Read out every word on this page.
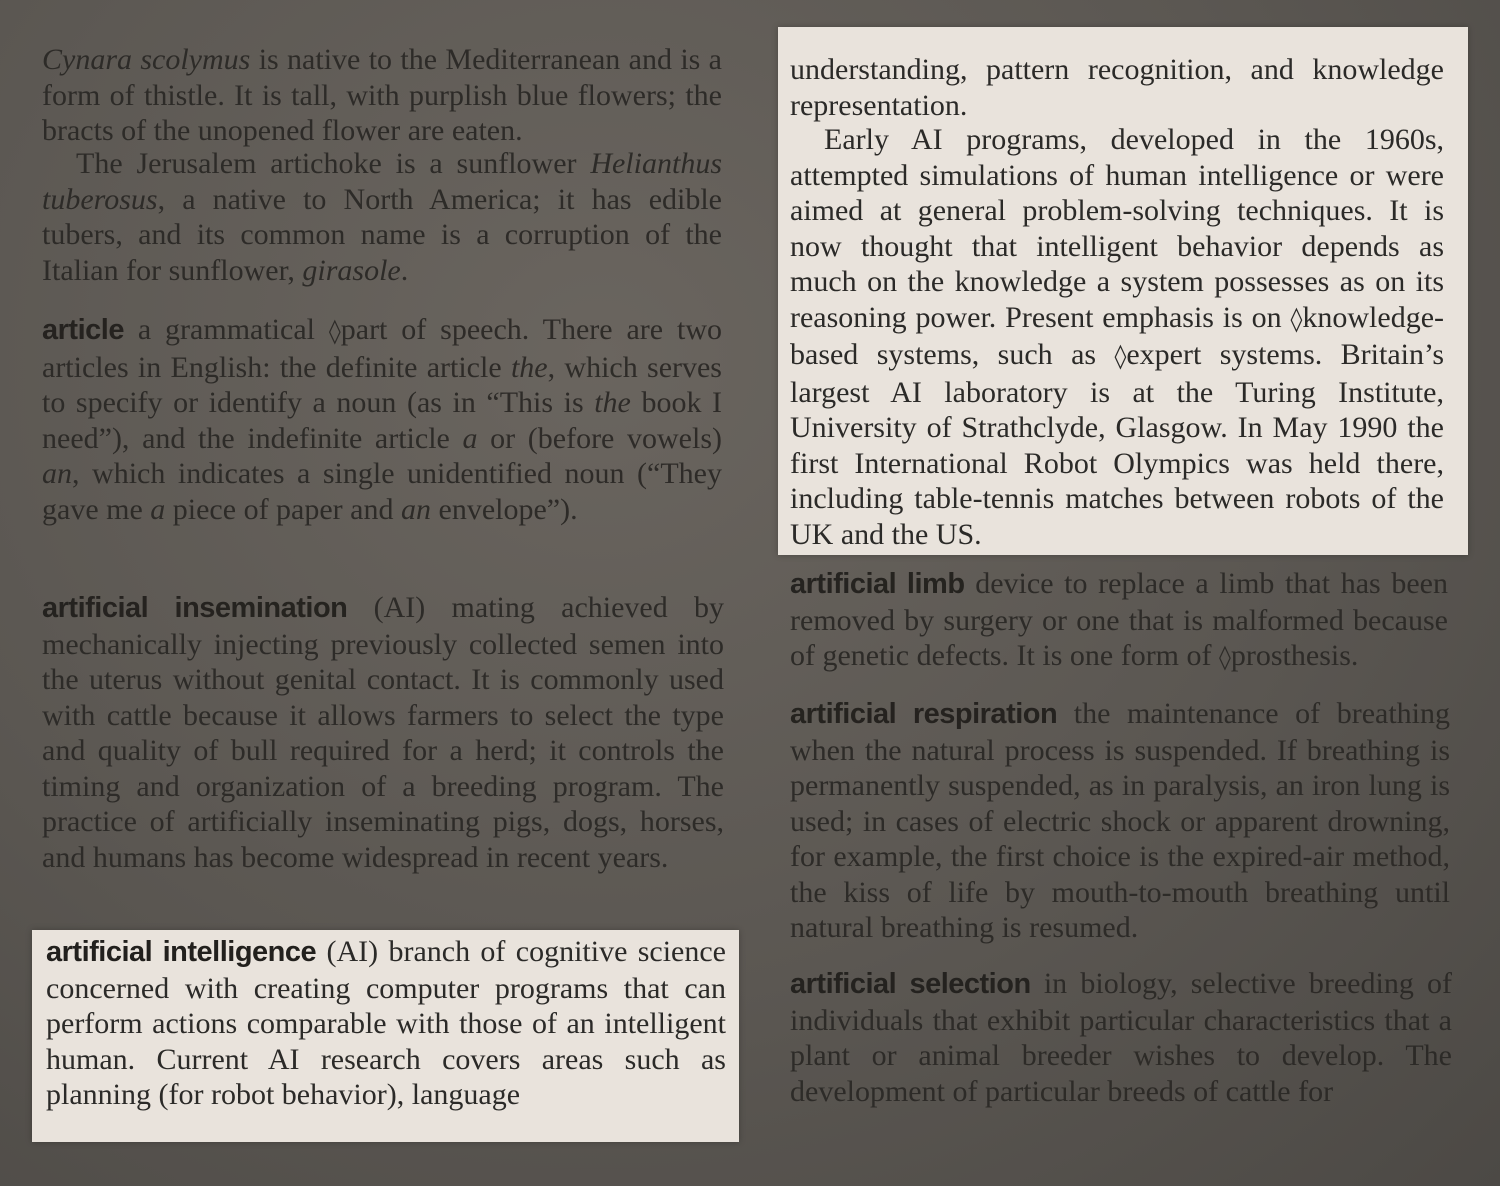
Cynara scolymus is native to the Mediterranean and is a form of thistle. It is tall, with purplish blue flowers; the bracts of the unopened flower are eaten.

The Jerusalem artichoke is a sunflower Helianthus tuberosus, a native to North America; it has edible tubers, and its common name is a corruption of the Italian for sunflower, girasole.

article a grammatical ◊part of speech. There are two articles in English: the definite article the, which serves to specify or identify a noun (as in “This is the book I need”), and the indefinite article a or (before vowels) an, which indicates a single unidentified noun (“They gave me a piece of paper and an envelope”).

artificial insemination (AI) mating achieved by mechanically injecting previously collected semen into the uterus without genital contact. It is commonly used with cattle because it allows farmers to select the type and quality of bull required for a herd; it controls the timing and organization of a breeding program. The practice of artificially inseminating pigs, dogs, horses, and humans has become widespread in recent years.

artificial intelligence (AI) branch of cognitive science concerned with creating computer programs that can perform actions comparable with those of an intelligent human. Current AI research covers areas such as planning (for robot behavior), language

understanding, pattern recognition, and knowledge representation.

Early AI programs, developed in the 1960s, attempted simulations of human intelligence or were aimed at general problem-solving techniques. It is now thought that intelligent behavior depends as much on the knowledge a system possesses as on its reasoning power. Present emphasis is on ◊knowledge-based systems, such as ◊expert systems. Britain’s largest AI laboratory is at the Turing Institute, University of Strathclyde, Glasgow. In May 1990 the first International Robot Olympics was held there, including table-tennis matches between robots of the UK and the US.

artificial limb device to replace a limb that has been removed by surgery or one that is malformed because of genetic defects. It is one form of ◊prosthesis.

artificial respiration the maintenance of breathing when the natural process is suspended. If breathing is permanently suspended, as in paralysis, an iron lung is used; in cases of electric shock or apparent drowning, for example, the first choice is the expired-air method, the kiss of life by mouth-to-mouth breathing until natural breathing is resumed.

artificial selection in biology, selective breeding of individuals that exhibit particular characteristics that a plant or animal breeder wishes to develop. The development of particular breeds of cattle for
